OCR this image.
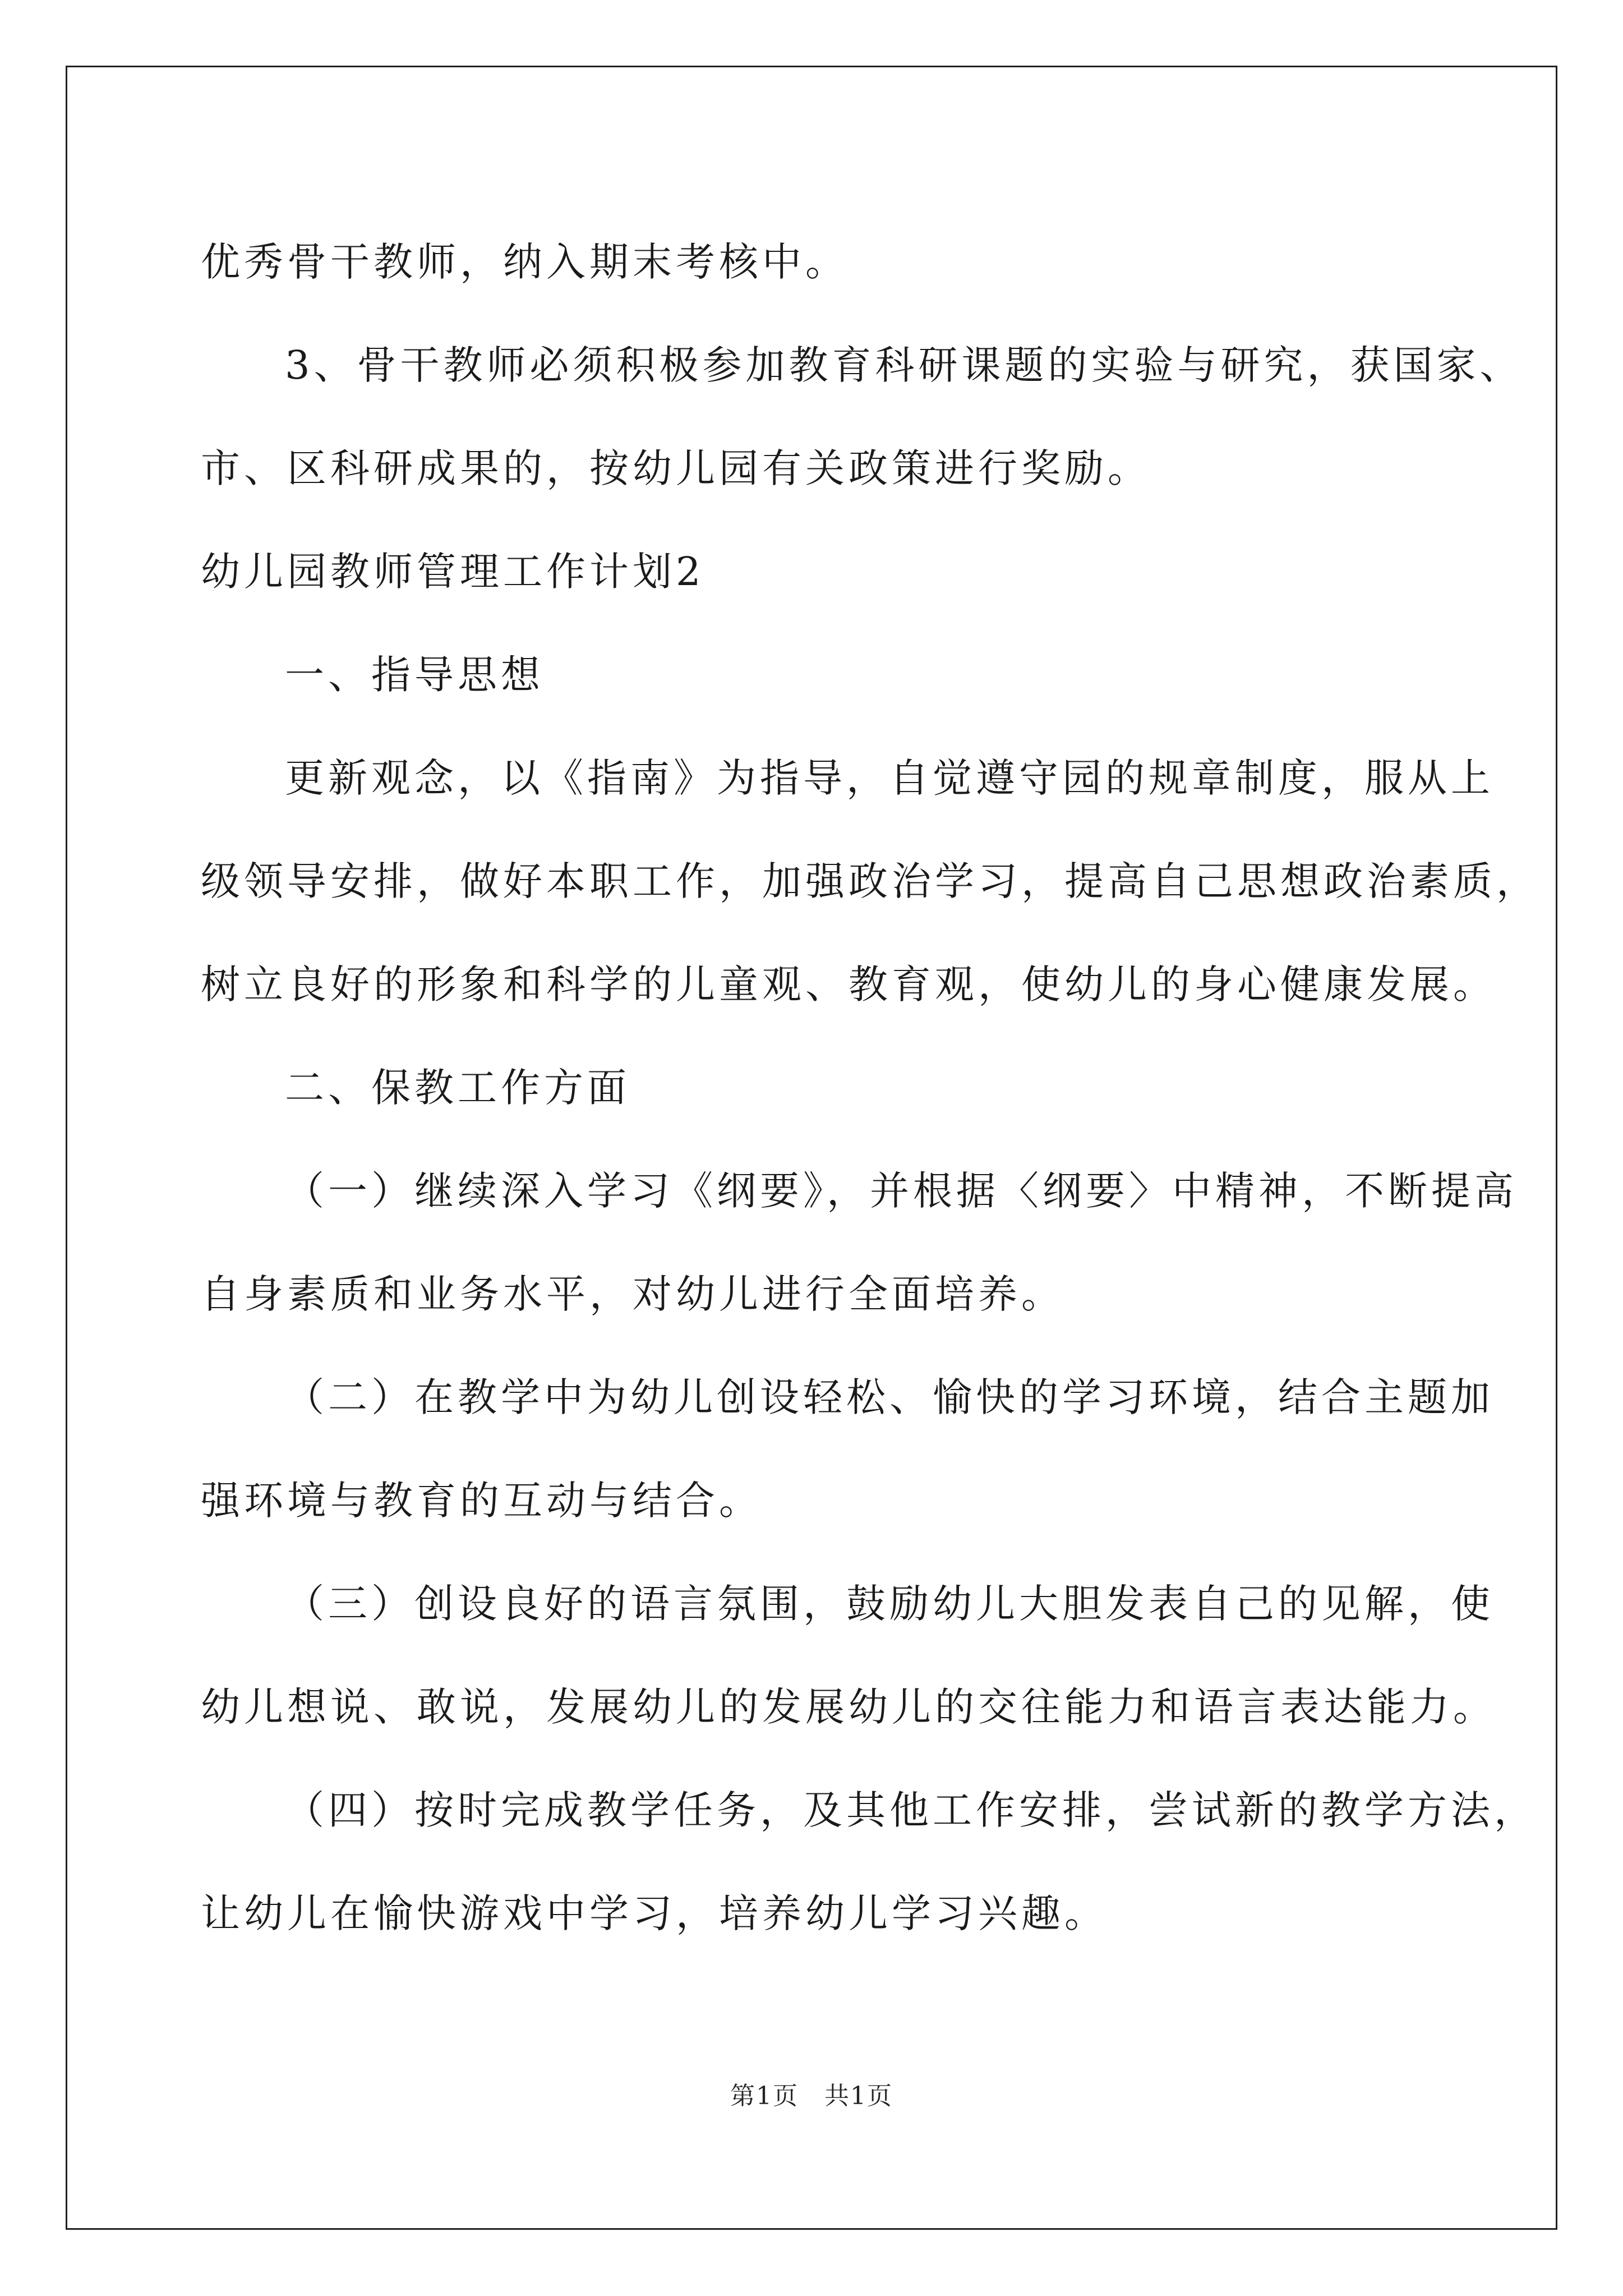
优秀骨干教师，纳入期末考核中。

3、骨干教师必须积极参加教育科研课题的实验与研究，获国家、

市、区科研成果的，按幼儿园有关政策进行奖励。

幼儿园教师管理工作计划2

一、指导思想

更新观念，以《指南》为指导，自觉遵守园的规章制度，服从上

级领导安排，做好本职工作，加强政治学习，提高自己思想政治素质，

树立良好的形象和科学的儿童观、教育观，使幼儿的身心健康发展。

二、保教工作方面

（一）继续深入学习《纲要》，并根据〈纲要〉中精神，不断提高

自身素质和业务水平，对幼儿进行全面培养。

（二）在教学中为幼儿创设轻松、愉快的学习环境，结合主题加

强环境与教育的互动与结合。

（三）创设良好的语言氛围，鼓励幼儿大胆发表自己的见解，使

幼儿想说、敢说，发展幼儿的发展幼儿的交往能力和语言表达能力。

（四）按时完成教学任务，及其他工作安排，尝试新的教学方法，

让幼儿在愉快游戏中学习，培养幼儿学习兴趣。

第1页　共1页
